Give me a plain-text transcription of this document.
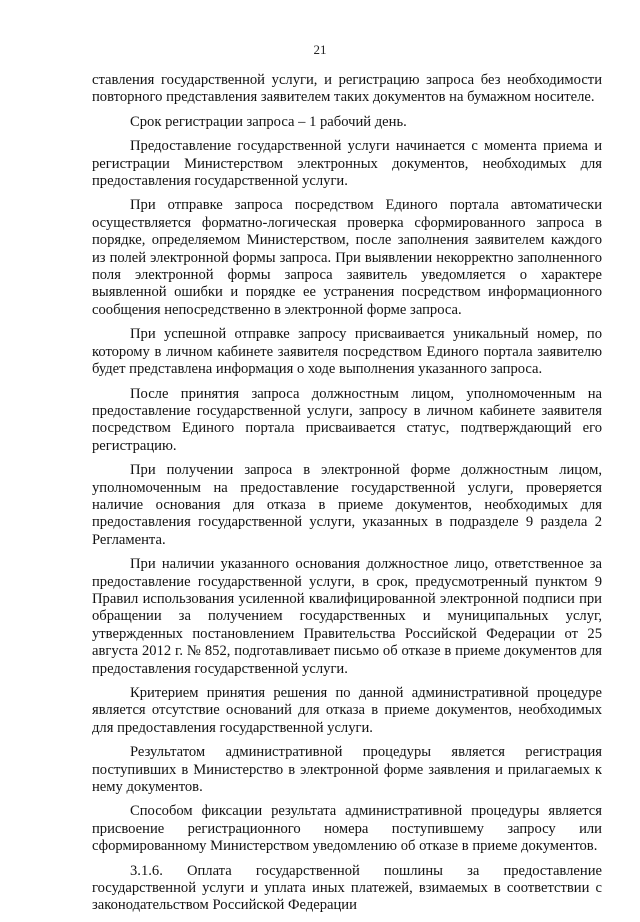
21

ставления государственной услуги, и регистрацию запроса без необходимости повторного представления заявителем таких документов на бумажном носителе.

Срок регистрации запроса – 1 рабочий день.

Предоставление государственной услуги начинается с момента приема и регистрации Министерством электронных документов, необходимых для предоставления государственной услуги.

При отправке запроса посредством Единого портала автоматически осуществляется форматно-логическая проверка сформированного запроса в порядке, определяемом Министерством, после заполнения заявителем каждого из полей электронной формы запроса. При выявлении некорректно заполненного поля электронной формы запроса заявитель уведомляется о характере выявленной ошибки и порядке ее устранения посредством информационного сообщения непосредственно в электронной форме запроса.

При успешной отправке запросу присваивается уникальный номер, по которому в личном кабинете заявителя посредством Единого портала заявителю будет представлена информация о ходе выполнения указанного запроса.

После принятия запроса должностным лицом, уполномоченным на предоставление государственной услуги, запросу в личном кабинете заявителя посредством Единого портала присваивается статус, подтверждающий его регистрацию.

При получении запроса в электронной форме должностным лицом, уполномоченным на предоставление государственной услуги, проверяется наличие основания для отказа в приеме документов, необходимых для предоставления государственной услуги, указанных в подразделе 9 раздела 2 Регламента.

При наличии указанного основания должностное лицо, ответственное за предоставление государственной услуги, в срок, предусмотренный пунктом 9 Правил использования усиленной квалифицированной электронной подписи при обращении за получением государственных и муниципальных услуг, утвержденных постановлением Правительства Российской Федерации от 25 августа 2012 г. № 852, подготавливает письмо об отказе в приеме документов для предоставления государственной услуги.

Критерием принятия решения по данной административной процедуре является отсутствие оснований для отказа в приеме документов, необходимых для предоставления государственной услуги.

Результатом административной процедуры является регистрация поступивших в Министерство в электронной форме заявления и прилагаемых к нему документов.

Способом фиксации результата административной процедуры является присвоение регистрационного номера поступившему запросу или сформированному Министерством уведомлению об отказе в приеме документов.

3.1.6. Оплата государственной пошлины за предоставление государственной услуги и уплата иных платежей, взимаемых в соответствии с законодательством Российской Федерации
